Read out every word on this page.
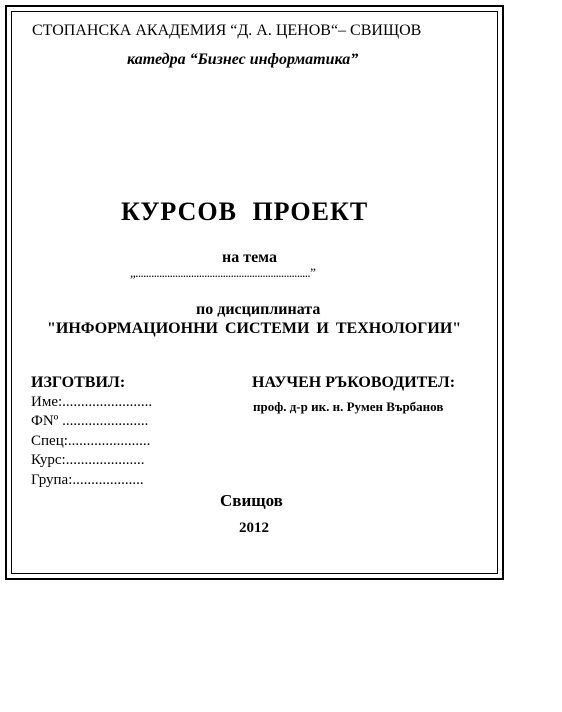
СТОПАНСКА АКАДЕМИЯ “Д. А. ЦЕНОВ“– СВИЩОВ
катедра “Бизнес информатика”
КУРСОВ ПРОЕКТ
на тема
„..................................................................”
по дисциплината
"ИНФОРМАЦИОННИ СИСТЕМИ И ТЕХНОЛОГИИ"
ИЗГОТВИЛ:
Име:........................
ФNº .......................
Спец:......................
Курс:.....................
Група:...................
НАУЧЕН РЪКОВОДИТЕЛ:
проф. д-р ик. н. Румен Върбанов
Свищов
2012
